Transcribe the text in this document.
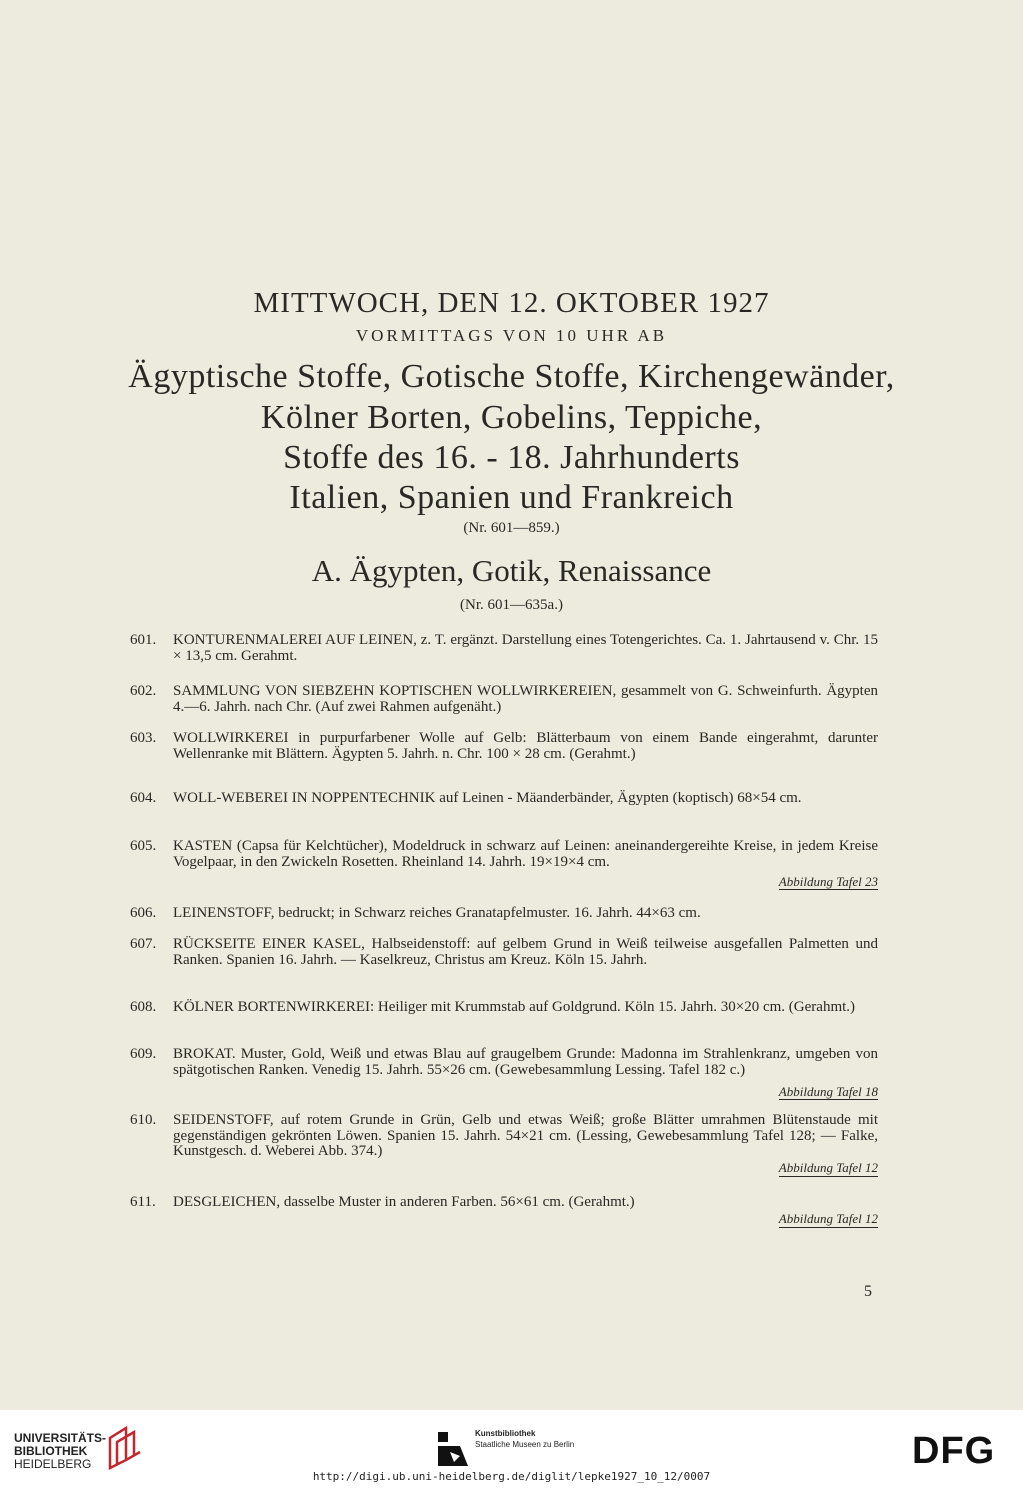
MITTWOCH, DEN 12. OKTOBER 1927
VORMITTAGS VON 10 UHR AB
Ägyptische Stoffe, Gotische Stoffe, Kirchengewänder,
Kölner Borten, Gobelins, Teppiche,
Stoffe des 16. - 18. Jahrhunderts
Italien, Spanien und Frankreich
(Nr. 601—859.)
A. Ägypten, Gotik, Renaissance
(Nr. 601—635a.)
601.	KONTURENMALEREI AUF LEINEN, z. T. ergänzt. Darstellung eines Totengerichtes. Ca. 1. Jahrtausend v. Chr. 15 × 13,5 cm. Gerahmt.
602.	SAMMLUNG VON SIEBZEHN KOPTISCHEN WOLLWIRKEREIEN, gesammelt von G. Schweinfurth. Ägypten 4.—6. Jahrh. nach Chr. (Auf zwei Rahmen aufgenäht.)
603.	WOLLWIRKEREI in purpurfarbener Wolle auf Gelb: Blätterbaum von einem Bande eingerahmt, darunter Wellenranke mit Blättern. Ägypten 5. Jahrh. n. Chr. 100 × 28 cm. (Gerahmt.)
604.	WOLL-WEBEREI IN NOPPENTECHNIK auf Leinen - Mäanderbänder, Ägypten (koptisch) 68×54 cm.
605.	KASTEN (Capsa für Kelchtücher), Modeldruck in schwarz auf Leinen: aneinandergereihte Kreise, in jedem Kreise Vogelpaar, in den Zwickeln Rosetten. Rheinland 14. Jahrh. 19×19×4 cm.
Abbildung Tafel 23
606.	LEINENSTOFF, bedruckt; in Schwarz reiches Granatapfelmuster. 16. Jahrh. 44×63 cm.
607.	RÜCKSEITE EINER KASEL, Halbseidenstoff: auf gelbem Grund in Weiß teilweise ausgefallen Palmetten und Ranken. Spanien 16. Jahrh. — Kaselkreuz, Christus am Kreuz. Köln 15. Jahrh.
608.	KÖLNER BORTENWIRKEREI: Heiliger mit Krummstab auf Goldgrund. Köln 15. Jahrh. 30×20 cm. (Gerahmt.)
609.	BROKAT. Muster, Gold, Weiß und etwas Blau auf graugelbem Grunde: Madonna im Strahlenkranz, umgeben von spätgotischen Ranken. Venedig 15. Jahrh. 55×26 cm. (Gewebesammlung Lessing. Tafel 182 c.)
Abbildung Tafel 18
610.	SEIDENSTOFF, auf rotem Grunde in Grün, Gelb und etwas Weiß; große Blätter umrahmen Blütenstaude mit gegenständigen gekrönten Löwen. Spanien 15. Jahrh. 54×21 cm. (Lessing, Gewebesammlung Tafel 128; — Falke, Kunstgesch. d. Weberei Abb. 374.)
Abbildung Tafel 12
611.	DESGLEICHEN, dasselbe Muster in anderen Farben. 56×61 cm. (Gerahmt.)
Abbildung Tafel 12
5
UNIVERSITÄTS-
BIBLIOTHEK
HEIDELBERG
Kunstbibliothek
Staatliche Museen zu Berlin	DFG
http://digi.ub.uni-heidelberg.de/diglit/lepke1927_10_12/0007
